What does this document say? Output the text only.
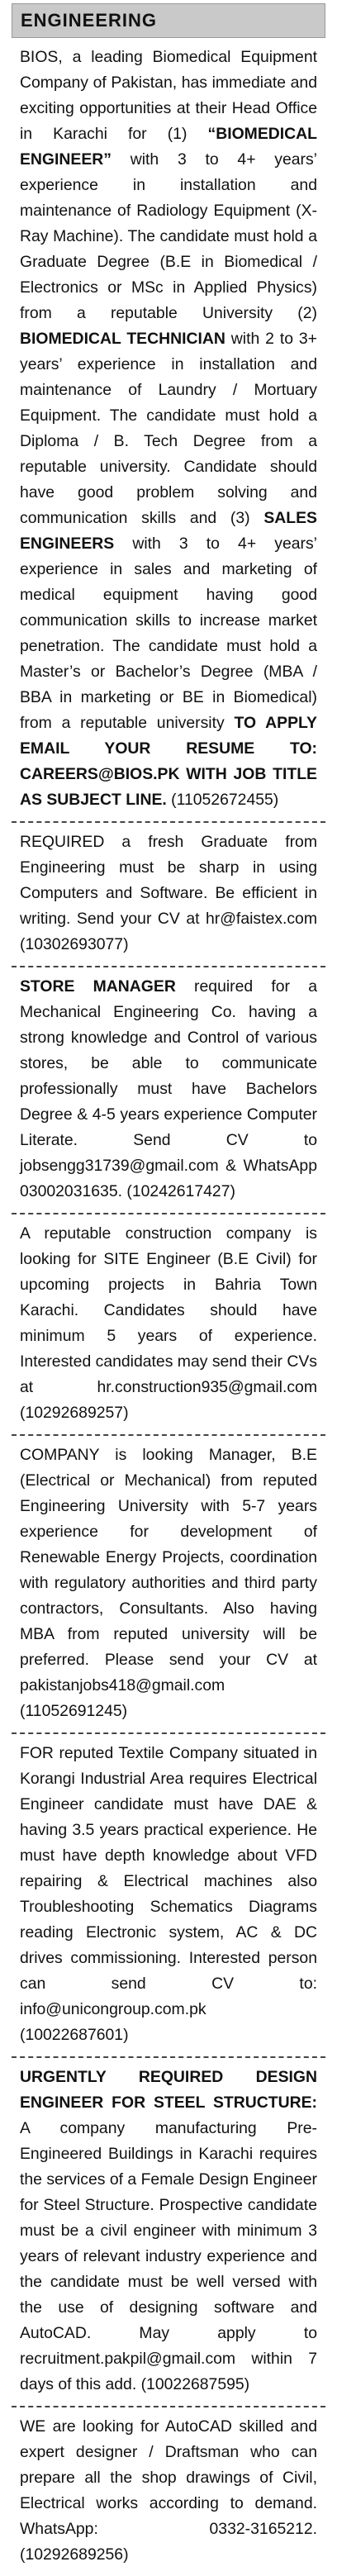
ENGINEERING
BIOS, a leading Biomedical Equipment Company of Pakistan, has immediate and exciting opportunities at their Head Office in Karachi for (1) “BIOMEDICAL ENGINEER” with 3 to 4+ years’ experience in installation and maintenance of Radiology Equipment (X-Ray Machine). The candidate must hold a Graduate Degree (B.E in Biomedical / Electronics or MSc in Applied Physics) from a reputable University (2) BIOMEDICAL TECHNICIAN with 2 to 3+ years’ experience in installation and maintenance of Laundry / Mortuary Equipment. The candidate must hold a Diploma / B. Tech Degree from a reputable university. Candidate should have good problem solving and communication skills and (3) SALES ENGINEERS with 3 to 4+ years’ experience in sales and marketing of medical equipment having good communication skills to increase market penetration. The candidate must hold a Master’s or Bachelor’s Degree (MBA / BBA in marketing or BE in Biomedical) from a reputable university TO APPLY EMAIL YOUR RESUME TO: CAREERS@BIOS.PK WITH JOB TITLE AS SUBJECT LINE. (11052672455)
REQUIRED a fresh Graduate from Engineering must be sharp in using Computers and Software. Be efficient in writing. Send your CV at hr@faistex.com (10302693077)
STORE MANAGER required for a Mechanical Engineering Co. having a strong knowledge and Control of various stores, be able to communicate professionally must have Bachelors Degree & 4-5 years experience Computer Literate. Send CV to jobsengg31739@gmail.com & WhatsApp 03002031635. (10242617427)
A reputable construction company is looking for SITE Engineer (B.E Civil) for upcoming projects in Bahria Town Karachi. Candidates should have minimum 5 years of experience. Interested candidates may send their CVs at hr.construction935@gmail.com (10292689257)
COMPANY is looking Manager, B.E (Electrical or Mechanical) from reputed Engineering University with 5-7 years experience for development of Renewable Energy Projects, coordination with regulatory authorities and third party contractors, Consultants. Also having MBA from reputed university will be preferred. Please send your CV at pakistanjobs418@gmail.com (11052691245)
FOR reputed Textile Company situated in Korangi Industrial Area requires Electrical Engineer candidate must have DAE & having 3.5 years practical experience. He must have depth knowledge about VFD repairing & Electrical machines also Troubleshooting Schematics Diagrams reading Electronic system, AC & DC drives commissioning. Interested person can send CV to: info@unicongroup.com.pk (10022687601)
URGENTLY REQUIRED DESIGN ENGINEER FOR STEEL STRUCTURE: A company manufacturing Pre-Engineered Buildings in Karachi requires the services of a Female Design Engineer for Steel Structure. Prospective candidate must be a civil engineer with minimum 3 years of relevant industry experience and the candidate must be well versed with the use of designing software and AutoCAD. May apply to recruitment.pakpil@gmail.com within 7 days of this add. (10022687595)
WE are looking for AutoCAD skilled and expert designer / Draftsman who can prepare all the shop drawings of Civil, Electrical works according to demand. WhatsApp: 0332-3165212. (10292689256)
